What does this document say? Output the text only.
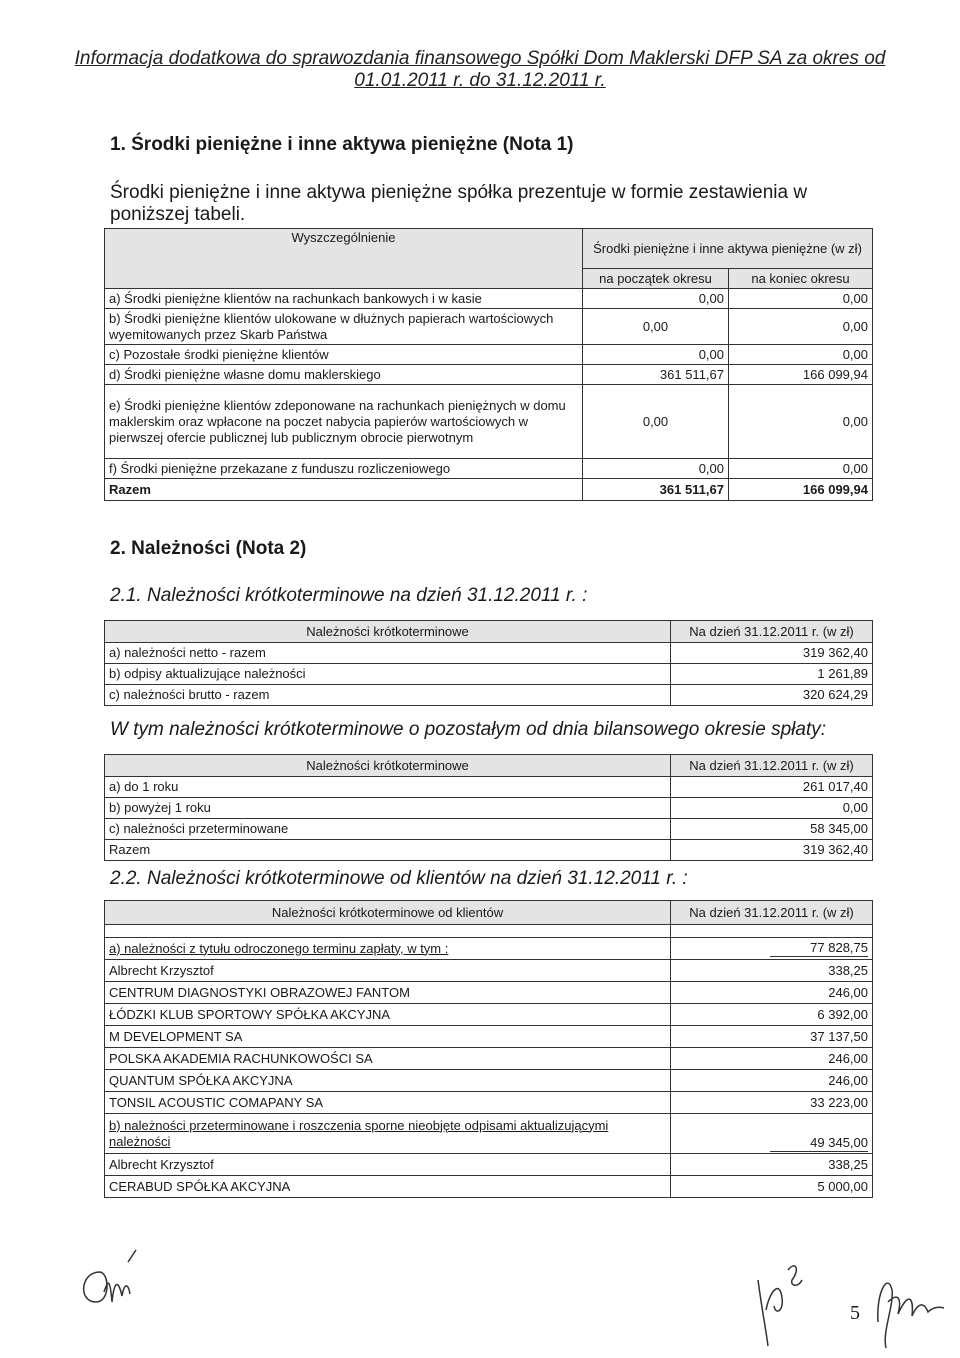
Informacja dodatkowa do sprawozdania finansowego Spółki Dom Maklerski DFP SA za okres od
01.01.2011 r. do 31.12.2011 r.
1. Środki pieniężne i inne aktywa pieniężne (Nota 1)
Środki pieniężne i inne aktywa pieniężne spółka prezentuje w formie zestawienia w poniższej tabeli.
Wyszczególnienie	Środki pieniężne i inne aktywa pieniężne (w zł)	
	na początek okresu	na koniec okresu
a) Środki pieniężne klientów na rachunkach bankowych i w kasie	0,00	0,00
b) Środki pieniężne klientów ulokowane w dłużnych papierach wartościowych wyemitowanych przez Skarb Państwa	0,00	0,00
c) Pozostałe środki pieniężne klientów	0,00	0,00
d) Środki pieniężne własne domu maklerskiego	361 511,67	166 099,94
e) Środki pieniężne klientów zdeponowane na rachunkach pieniężnych w domu maklerskim oraz wpłacone na poczet nabycia papierów wartościowych w pierwszej ofercie publicznej lub publicznym obrocie pierwotnym	0,00	0,00
f) Środki pieniężne przekazane z funduszu rozliczeniowego	0,00	0,00
Razem	361 511,67	166 099,94
2. Należności (Nota 2)
2.1. Należności krótkoterminowe na dzień 31.12.2011 r. :
Należności krótkoterminowe	Na dzień 31.12.2011 r. (w zł)
a) należności netto - razem	319 362,40
b) odpisy aktualizujące należności	1 261,89
c) należności brutto - razem	320 624,29
W tym należności krótkoterminowe o pozostałym od dnia bilansowego okresie spłaty:
Należności krótkoterminowe	Na dzień 31.12.2011 r. (w zł)
a) do 1 roku	261 017,40
b) powyżej 1 roku	0,00
c) należności przeterminowane	58 345,00
Razem	319 362,40
2.2. Należności krótkoterminowe od klientów na dzień 31.12.2011 r. :
Należności krótkoterminowe od klientów	Na dzień 31.12.2011 r. (w zł)

a) należności z tytułu odroczonego terminu zapłaty, w tym :	77 828,75
Albrecht Krzysztof	338,25
CENTRUM DIAGNOSTYKI OBRAZOWEJ FANTOM	246,00
ŁÓDZKI KLUB SPORTOWY SPÓŁKA AKCYJNA	6 392,00
M DEVELOPMENT SA	37 137,50
POLSKA AKADEMIA RACHUNKOWOŚCI SA	246,00
QUANTUM SPÓŁKA AKCYJNA	246,00
TONSIL ACOUSTIC COMAPANY SA	33 223,00
b) należności przeterminowane i roszczenia sporne nieobjęte odpisami aktualizującymi należności	49 345,00
Albrecht Krzysztof	338,25
CERABUD SPÓŁKA AKCYJNA	5 000,00
5
